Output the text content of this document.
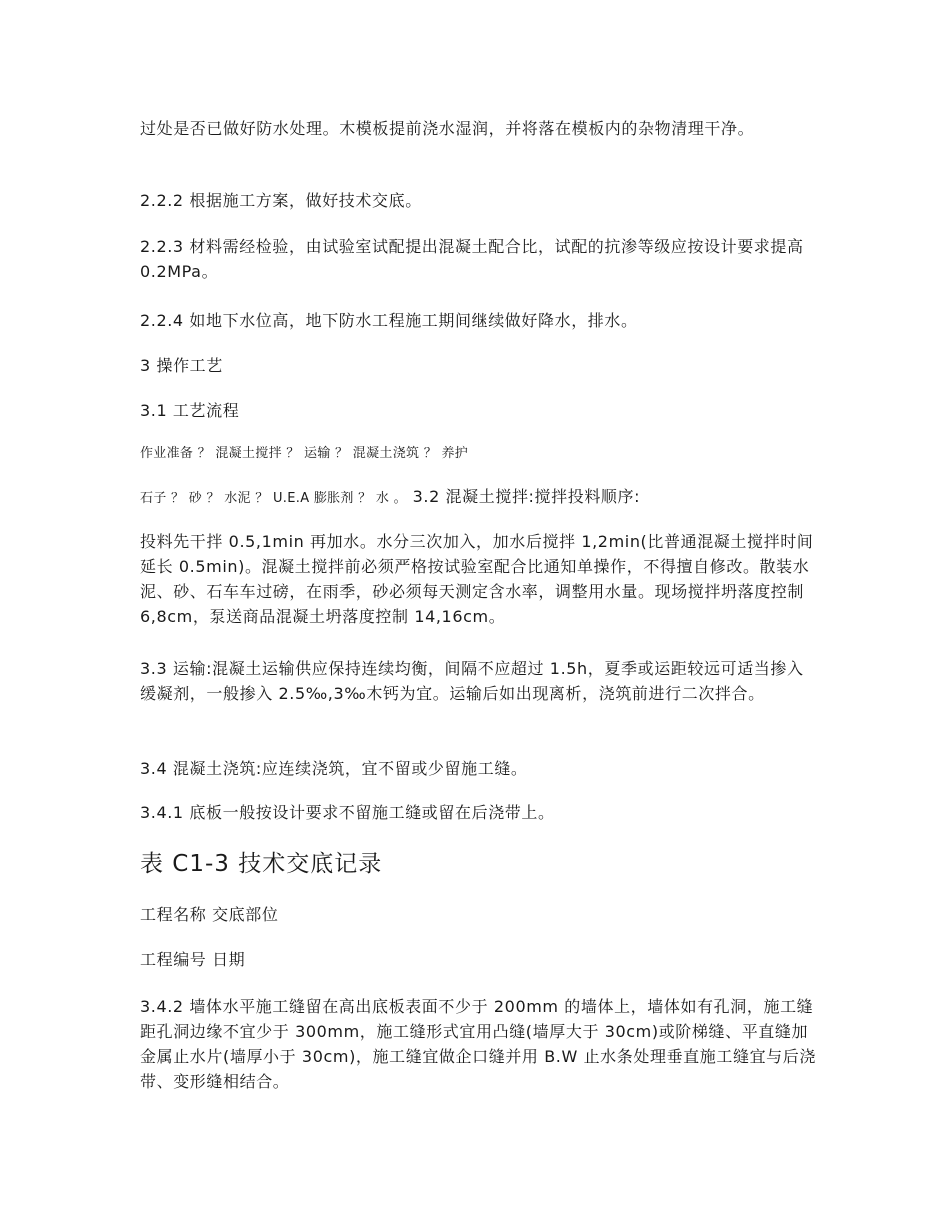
过处是否已做好防水处理。木模板提前浇水湿润，并将落在模板内的杂物清理干净。

2.2.2 根据施工方案，做好技术交底。

2.2.3 材料需经检验，由试验室试配提出混凝土配合比，试配的抗渗等级应按设计要求提高 0.2MPa。

2.2.4 如地下水位高，地下防水工程施工期间继续做好降水，排水。

3 操作工艺

3.1 工艺流程

作业准备 ？ 混凝土搅拌 ？ 运输 ？ 混凝土浇筑 ？ 养护

石子 ？ 砂 ？ 水泥 ？ U.E.A 膨胀剂 ？ 水 。 3.2 混凝土搅拌:搅拌投料顺序:

投料先干拌 0.5,1min 再加水。水分三次加入，加水后搅拌 1,2min(比普通混凝土搅拌时间延长 0.5min)。混凝土搅拌前必须严格按试验室配合比通知单操作，不得擅自修改。散装水泥、砂、石车车过磅，在雨季，砂必须每天测定含水率，调整用水量。现场搅拌坍落度控制 6,8cm，泵送商品混凝土坍落度控制 14,16cm。

3.3 运输:混凝土运输供应保持连续均衡，间隔不应超过 1.5h，夏季或运距较远可适当掺入缓凝剂，一般掺入 2.5‰,3‰木钙为宜。运输后如出现离析，浇筑前进行二次拌合。

3.4 混凝土浇筑:应连续浇筑，宜不留或少留施工缝。

3.4.1 底板一般按设计要求不留施工缝或留在后浇带上。

表 C1-3 技术交底记录

工程名称 交底部位

工程编号 日期

3.4.2 墙体水平施工缝留在高出底板表面不少于 200mm 的墙体上，墙体如有孔洞，施工缝距孔洞边缘不宜少于 300mm，施工缝形式宜用凸缝(墙厚大于 30cm)或阶梯缝、平直缝加金属止水片(墙厚小于 30cm)，施工缝宜做企口缝并用 B.W 止水条处理垂直施工缝宜与后浇带、变形缝相结合。
